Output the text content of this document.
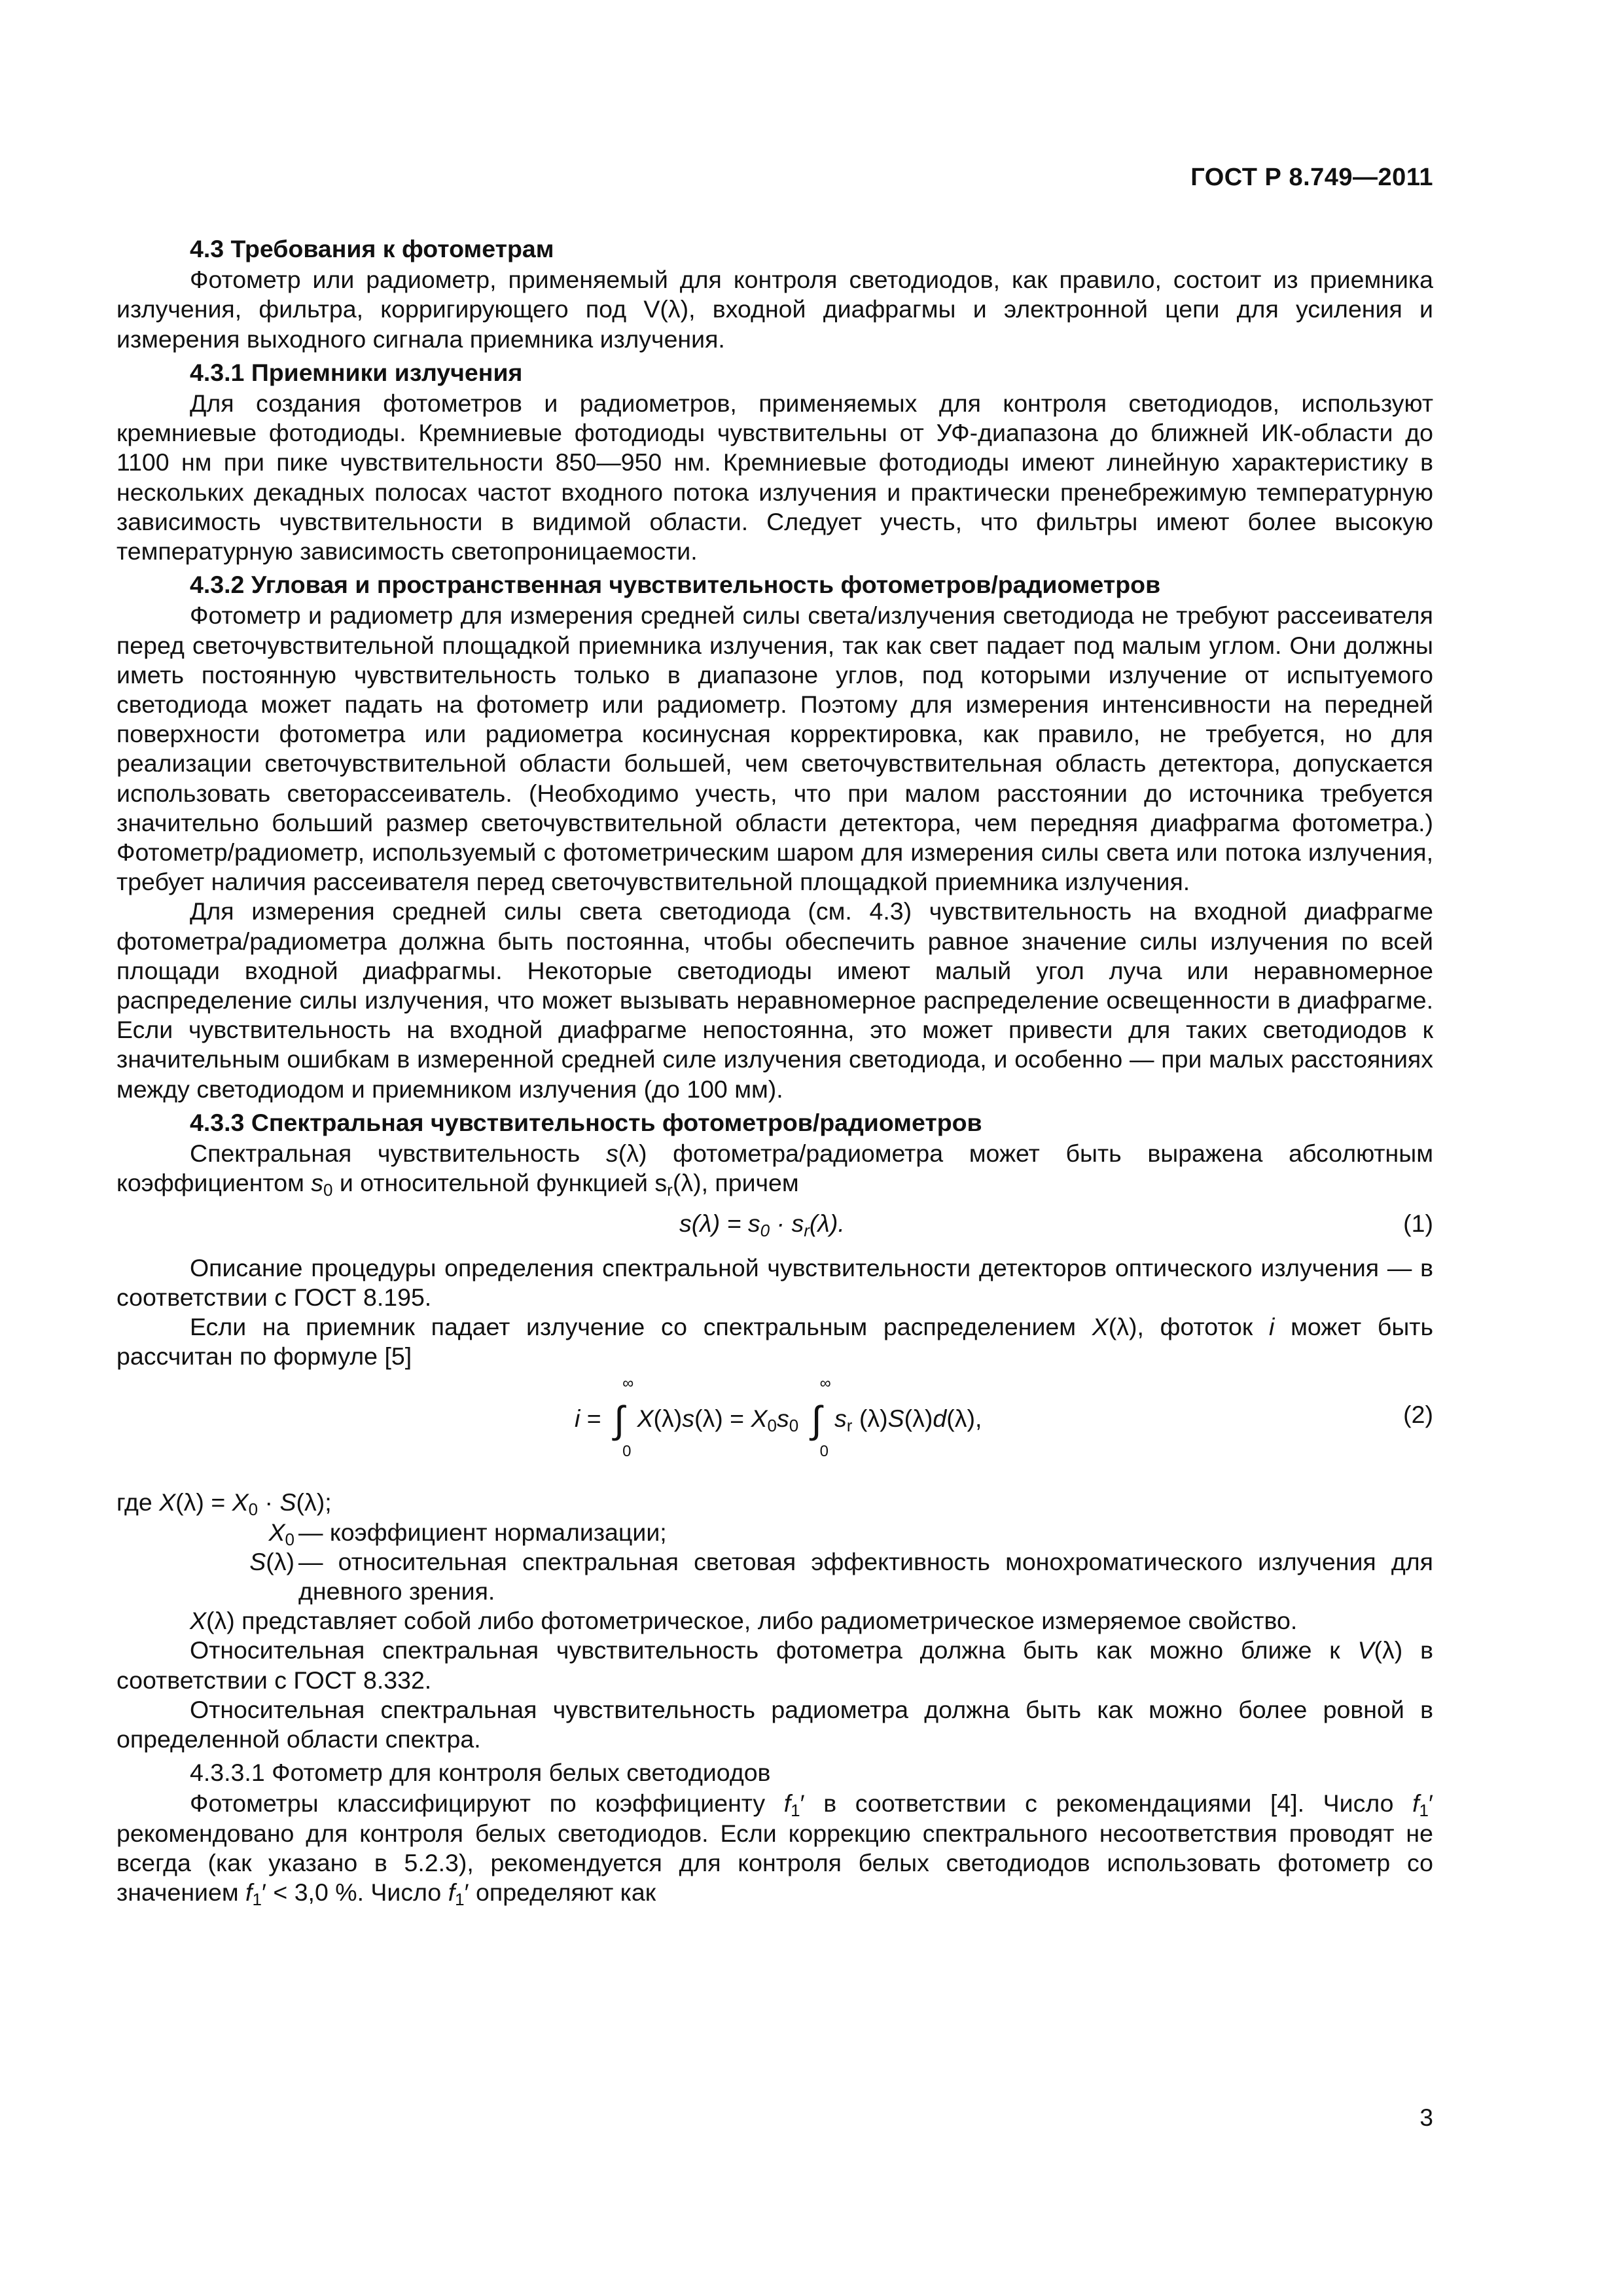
ГОСТ Р 8.749—2011

4.3 Требования к фотометрам

Фотометр или радиометр, применяемый для контроля светодиодов, как правило, состоит из приемника излучения, фильтра, корригирующего под V(λ), входной диафрагмы и электронной цепи для усиления и измерения выходного сигнала приемника излучения.

4.3.1 Приемники излучения

Для создания фотометров и радиометров, применяемых для контроля светодиодов, используют кремниевые фотодиоды. Кремниевые фотодиоды чувствительны от УФ-диапазона до ближней ИК-области до 1100 нм при пике чувствительности 850—950 нм. Кремниевые фотодиоды имеют линейную характеристику в нескольких декадных полосах частот входного потока излучения и практически пренебрежимую температурную зависимость чувствительности в видимой области. Следует учесть, что фильтры имеют более высокую температурную зависимость светопроницаемости.

4.3.2 Угловая и пространственная чувствительность фотометров/радиометров

Фотометр и радиометр для измерения средней силы света/излучения светодиода не требуют рассеивателя перед светочувствительной площадкой приемника излучения, так как свет падает под малым углом. Они должны иметь постоянную чувствительность только в диапазоне углов, под которыми излучение от испытуемого светодиода может падать на фотометр или радиометр. Поэтому для измерения интенсивности на передней поверхности фотометра или радиометра косинусная корректировка, как правило, не требуется, но для реализации светочувствительной области большей, чем светочувствительная область детектора, допускается использовать светорассеиватель. (Необходимо учесть, что при малом расстоянии до источника требуется значительно больший размер светочувствительной области детектора, чем передняя диафрагма фотометра.) Фотометр/радиометр, используемый с фотометрическим шаром для измерения силы света или потока излучения, требует наличия рассеивателя перед светочувствительной площадкой приемника излучения.

Для измерения средней силы света светодиода (см. 4.3) чувствительность на входной диафрагме фотометра/радиометра должна быть постоянна, чтобы обеспечить равное значение силы излучения по всей площади входной диафрагмы. Некоторые светодиоды имеют малый угол луча или неравномерное распределение силы излучения, что может вызывать неравномерное распределение освещенности в диафрагме. Если чувствительность на входной диафрагме непостоянна, это может привести для таких светодиодов к значительным ошибкам в измеренной средней силе излучения светодиода, и особенно — при малых расстояниях между светодиодом и приемником излучения (до 100 мм).

4.3.3 Спектральная чувствительность фотометров/радиометров

Спектральная чувствительность s(λ) фотометра/радиометра может быть выражена абсолютным коэффициентом $s_0$ и относительной функцией $s_r(\lambda)$, причем

$s(\lambda) = s_0 \cdot s_r(\lambda)$.	(1)

Описание процедуры определения спектральной чувствительности детекторов оптического излучения — в соответствии с ГОСТ 8.195.

Если на приемник падает излучение со спектральным распределением X(λ), фототок i может быть рассчитан по формуле [5]

i = ∫
∞
0
$X(\lambda)s(\lambda) = X_0s_0$ ∫
∞
0
$s_r$ (λ)S(λ)d(λ),	(2)

где $X(\lambda) = X_0 \cdot S(\lambda)$;

$X_0$ — коэффициент нормализации;

S(λ) — относительная спектральная световая эффективность монохроматического излучения для дневного зрения.

X(λ) представляет собой либо фотометрическое, либо радиометрическое измеряемое свойство.

Относительная спектральная чувствительность фотометра должна быть как можно ближе к V(λ) в соответствии с ГОСТ 8.332.

Относительная спектральная чувствительность радиометра должна быть как можно более ровной в определенной области спектра.

4.3.3.1 Фотометр для контроля белых светодиодов

Фотометры классифицируют по коэффициенту $f_1'$ в соответствии с рекомендациями [4]. Число $f_1'$ рекомендовано для контроля белых светодиодов. Если коррекцию спектрального несоответствия проводят не всегда (как указано в 5.2.3), рекомендуется для контроля белых светодиодов использовать фотометр со значением $f_1' < 3,0$ %. Число $f_1'$ определяют как

3
